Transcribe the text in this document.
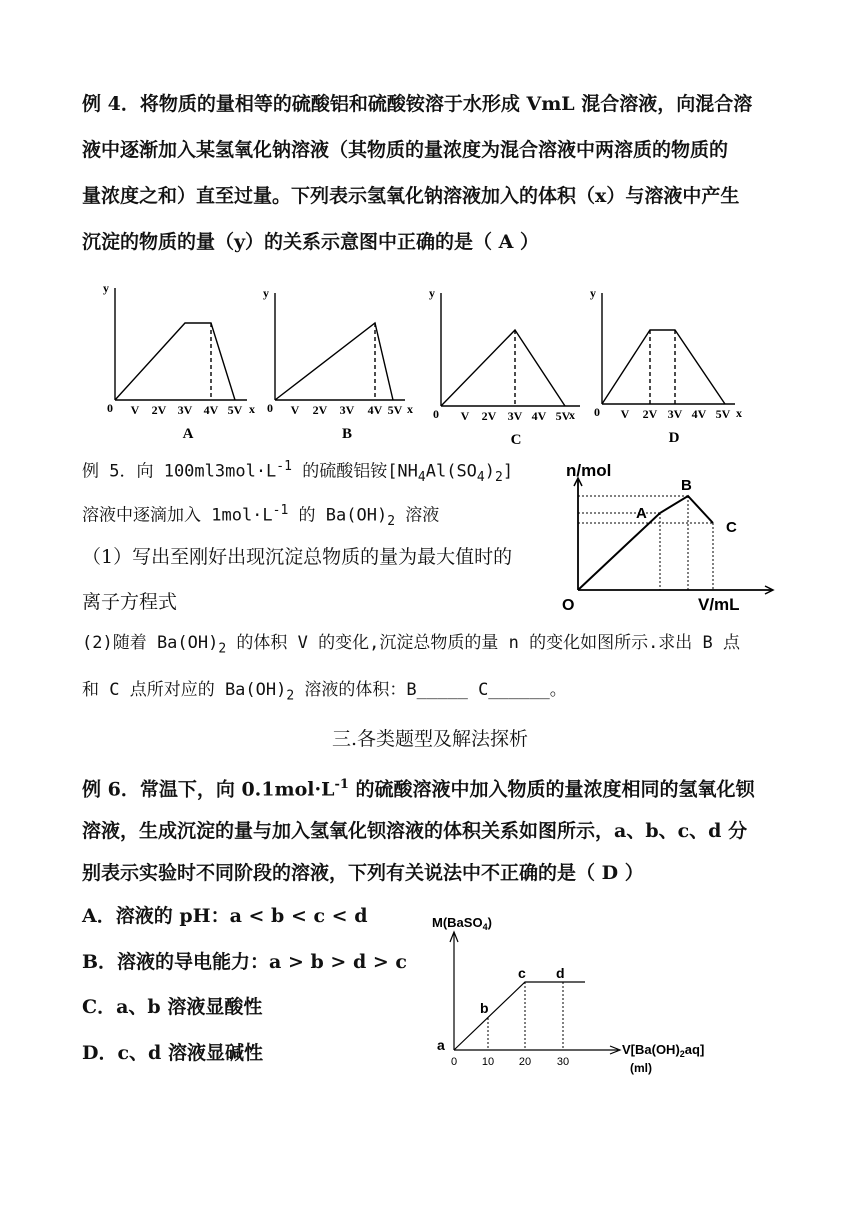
例 4．将物质的量相等的硫酸铝和硫酸铵溶于水形成 VmL 混合溶液，向混合溶
液中逐渐加入某氢氧化钠溶液（其物质的量浓度为混合溶液中两溶质的物质的
量浓度之和）直至过量。下列表示氢氧化钠溶液加入的体积（x）与溶液中产生
沉淀的物质的量（y）的关系示意图中正确的是（ A ）
y	y	y	y
0	0	0	0
x	x	x	x
V 2V 3V 4V 5V	V 2V 3V 4V 5V	V 2V 3V 4V 5V	V 2V 3V 4V 5V
A	B	C	D
例 5．向 $100ml3mol\cdot L^{-1}$ 的硫酸铝铵$[NH_4Al(SO_4)_2]$
溶液中逐滴加入 $1mol\cdot L^{-1}$ 的 $Ba(OH)_2$ 溶液
（1）写出至刚好出现沉淀总物质的量为最大值时的
离子方程式
(2)随着 $Ba(OH)_2$ 的体积 V 的变化,沉淀总物质的量 n 的变化如图所示.求出 B 点
和 C 点所对应的 $Ba(OH)_2$ 溶液的体积：B_____ C______。
n/mol
O	V/mL
A
B
C
三.各类题型及解法探析
例 6．常温下，向 $0.1mol\cdot L^{-1}$ 的硫酸溶液中加入物质的量浓度相同的氢氧化钡
溶液，生成沉淀的量与加入氢氧化钡溶液的体积关系如图所示，a、b、c、d 分
别表示实验时不同阶段的溶液，下列有关说法中不正确的是（ D ）
A．溶液的 pH：a < b < c < d
B．溶液的导电能力：a > b > d > c
C．a、b 溶液显酸性
D．c、d 溶液显碱性
M(BaSO$_4$)
$V[Ba(OH)_2aq]$
(ml)
a
b
c d
0 10 20 30
